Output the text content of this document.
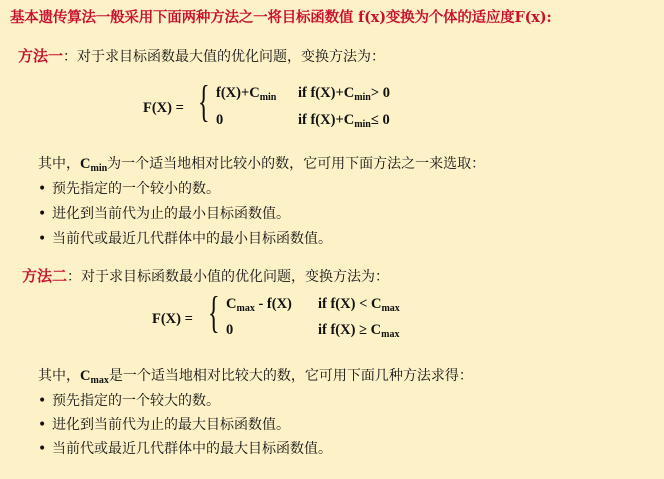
基本遗传算法一般采用下面两种方法之一将目标函数值 f(x)变换为个体的适应度F(x):
方法一：对于求目标函数最大值的优化问题，变换方法为：
F(X) = { $f(X)+C_{min}$ if $f(X)+C_{min}> 0$
0	if $f(X)+C_{min}\le 0$
其中，$C_{min}$为一个适当地相对比较小的数，它可用下面方法之一来选取：
• 预先指定的一个较小的数。
• 进化到当前代为止的最小目标函数值。
• 当前代或最近几代群体中的最小目标函数值。
方法二：对于求目标函数最小值的优化问题，变换方法为：
F(X) = { $C_{max} - f(X)$ if $f(X) < C_{max}$
0	if $f(X) \ge C_{max}$
其中，$C_{max}$是一个适当地相对比较大的数，它可用下面几种方法求得：
• 预先指定的一个较大的数。
• 进化到当前代为止的最大目标函数值。
• 当前代或最近几代群体中的最大目标函数值。
